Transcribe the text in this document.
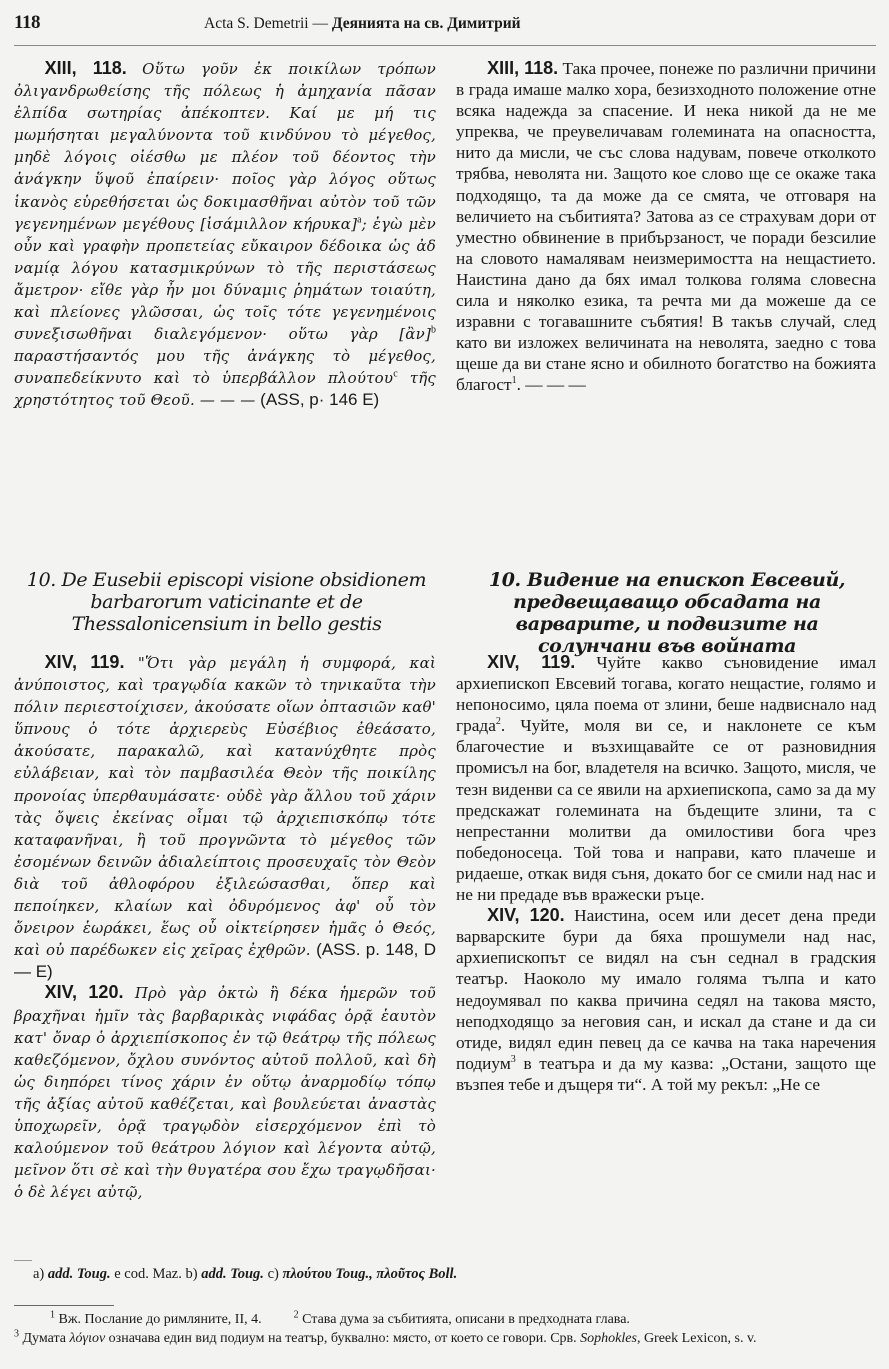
118	Acta S. Demetrii — Деянията на св. Димитрий

XIII, 118. Οὕτω γοῦν ἐκ ποικίλων τρόπων ὀλιγανδρωθείσης τῆς πόλεως ἡ ἀμηχανία πᾶσαν ἐλπίδα σωτηρίας ἀπέκοπτεν. Καί με μή τις μωμήσηται μεγαλύνοντα τοῦ κινδύνου τὸ μέγεθος, μηδὲ λόγοις οἰέσθω με πλέον τοῦ δέοντος τὴν ἀνάγκην ὕψοῦ ἐπαίρειν· ποῖος γὰρ λόγος οὕτως ἱκανὸς εὑρεθήσεται ὡς δοκιμασθῆναι αὐτὸν τοῦ τῶν γεγενημένων μεγέθους [ἰσάμιλλον κήρυκα]$^a$; ἐγὼ μὲν οὖν καὶ γραφὴν προπετείας εὔκαιρον δέδοικα ὡς ἀδ ναμίᾳ λόγου κατασμικρύνων τὸ τῆς περιστάσεως ἄμετρον· εἴθε γὰρ ἦν μοι δύναμις ῥημάτων τοιαύτη, καὶ πλείονες γλῶσσαι, ὡς τοῖς τότε γεγενημένοις συνεξισωθῆναι διαλεγόμενον· οὕτω γὰρ [ἂν]$^b$ παραστήσαντός μου τῆς ἀνάγκης τὸ μέγεθος, συναπεδείκνυτο καὶ τὸ ὑπερβάλλον πλούτου$^c$ τῆς χρηστότητος τοῦ Θεοῦ. — — — (ASS, p· 146 E)

XIII, 118. Така прочее, понеже по различни причини в града имаше малко хора, безизходното положение отне всяка надежда за спасение. И нека никой да не ме упреква, че преувеличавам големината на опасността, нито да мисли, че със слова надувам, повече отколкото трябва, неволята ни. Защото кое слово ще се окаже така подходящо, та да може да се смята, че отговаря на величието на събитията? Затова аз се страхувам дори от уместно обвинение в прибързаност, че поради безсилие на словото намалявам неизмеримостта на нещастието. Наистина дано да бях имал толкова голяма словесна сила и няколко езика, та речта ми да можеше да се изравни с тогавашните събятия! В такъв случай, след като ви изложех величината на неволята, заедно с това щеше да ви стане ясно и обилното богатство на божията благост$^1$. — — —

10. De Eusebii episcopi visione obsidionem barbarorum vaticinante et de Thessalonicensium in bello gestis
10. Видение на епископ Евсевий, предвещаващо обсадата на варварите, и подвизите на солунчани във войната

XIV, 119. "Ὅτι γὰρ μεγάλη ἡ συμφορά, καὶ ἀνύποιστος, καὶ τραγῳδία κακῶν τὸ τηνικαῦτα τὴν πόλιν περιεστοίχισεν, ἀκούσατε οἵων ὀπτασιῶν καθ' ὕπνους ὁ τότε ἀρχιερεὺς Εὐσέβιος ἐθεάσατο, ἀκούσατε, παρακαλῶ, καὶ κατανύχθητε πρὸς εὐλάβειαν, καὶ τὸν παμβασιλέα Θεὸν τῆς ποικίλης προνοίας ὑπερθαυμάσατε· οὐδὲ γὰρ ἄλλου τοῦ χάριν τὰς ὄψεις ἐκείνας οἶμαι τῷ ἀρχιεπισκόπῳ τότε καταφανῆναι, ἢ τοῦ προγνῶντα τὸ μέγεθος τῶν ἐσομένων δεινῶν ἀδιαλείπτοις προσευχαῖς τὸν Θεὸν διὰ τοῦ ἀθλοφόρου ἐξιλεώσασθαι, ὅπερ καὶ πεποίηκεν, κλαίων καὶ ὀδυρόμενος ἀφ' οὗ τὸν ὄνειρον ἑωράκει, ἕως οὗ οἰκτείρησεν ἡμᾶς ὁ Θεός, καὶ οὐ παρέδωκεν εἰς χεῖρας ἐχθρῶν. (ASS. p. 148, D — E)

XIV, 120. Πρὸ γὰρ ὀκτὼ ἢ δέκα ἡμερῶν τοῦ βραχῆναι ἡμῖν τὰς βαρβαρικὰς νιφάδας ὁρᾷ ἑαυτὸν κατ' ὄναρ ὁ ἀρχιεπίσκοπος ἐν τῷ θεάτρῳ τῆς πόλεως καθεζόμενον, ὄχλου συνόντος αὐτοῦ πολλοῦ, καὶ δὴ ὡς διηπόρει τίνος χάριν ἐν οὕτῳ ἀναρμοδίῳ τόπῳ τῆς ἀξίας αὐτοῦ καθέζεται, καὶ βουλεύεται ἀναστὰς ὑποχωρεῖν, ὁρᾷ τραγῳδὸν εἰσερχόμενον ἐπὶ τὸ καλούμενον τοῦ θεάτρου λόγιον καὶ λέγοντα αὐτῷ, μεῖνον ὅτι σὲ καὶ τὴν θυγατέρα σου ἔχω τραγῳδῆσαι· ὁ δὲ λέγει αὐτῷ,

XIV, 119. Чуйте какво съновидение имал архиепископ Евсевий тогава, когато нещастие, голямо и непоносимо, цяла поема от злини, беше надвиснало над града$^2$. Чуйте, моля ви се, и наклонете се към благочестие и възхищавайте се от разновидния промисъл на бог, владетеля на всичко. Защото, мисля, че тезн виденви са се явили на архиепископа, само за да му предскажат големината на бъдещите злини, та с непрестанни молитви да омилостиви бога чрез победоносеца. Той това и направи, като плачеше и ридаеше, откак видя съня, докато бог се смили над нас и не ни предаде във вражески ръце.

XIV, 120. Наистина, осем или десет дена преди варварските бури да бяха прошумели над нас, архиепископът се видял на сън седнал в градския театър. Наоколо му имало голяма тълпа и като недоумявал по каква причина седял на такова място, неподходящо за неговия сан, и искал да стане и да си отиде, видял един певец да се качва на така наречения подиум$^3$ в театъра и да му казва: „Остани, защото ще възпея тебе и дъщеря ти“. А той му рекъл: „Не се

a) add. Toug. e cod. Maz. b) add. Toug. c) πλούτου Toug., πλοῦτος Boll.

$^1$ Вж. Послание до римляните, II, 4.	$^2$ Става дума за събитията, описани в предходната глава.

$^3$ Думата λόγιον означава един вид подиум на театър, буквално: място, от което се говори. Срв. Sophokles, Greek Lexicon, s. v.
